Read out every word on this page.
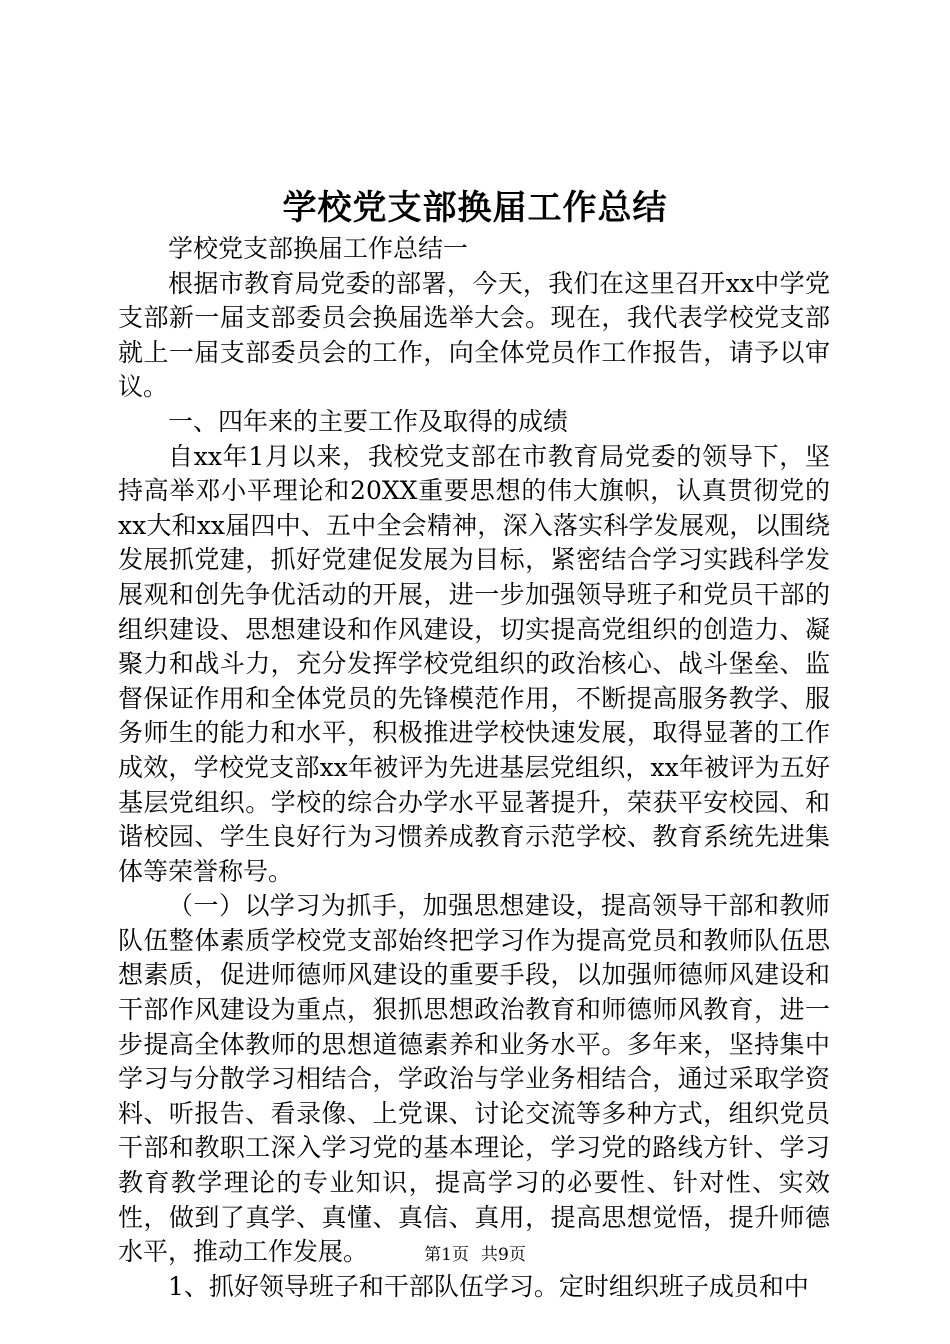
学校党支部换届工作总结

学校党支部换届工作总结一

根据市教育局党委的部署，今天，我们在这里召开xx中学党支部新一届支部委员会换届选举大会。现在，我代表学校党支部就上一届支部委员会的工作，向全体党员作工作报告，请予以审议。

一、四年来的主要工作及取得的成绩

自xx年1月以来，我校党支部在市教育局党委的领导下，坚持高举邓小平理论和20XX重要思想的伟大旗帜，认真贯彻党的xx大和xx届四中、五中全会精神，深入落实科学发展观，以围绕发展抓党建，抓好党建促发展为目标，紧密结合学习实践科学发展观和创先争优活动的开展，进一步加强领导班子和党员干部的组织建设、思想建设和作风建设，切实提高党组织的创造力、凝聚力和战斗力，充分发挥学校党组织的政治核心、战斗堡垒、监督保证作用和全体党员的先锋模范作用，不断提高服务教学、服务师生的能力和水平，积极推进学校快速发展，取得显著的工作成效，学校党支部xx年被评为先进基层党组织，xx年被评为五好基层党组织。学校的综合办学水平显著提升，荣获平安校园、和谐校园、学生良好行为习惯养成教育示范学校、教育系统先进集体等荣誉称号。

（一）以学习为抓手，加强思想建设，提高领导干部和教师队伍整体素质学校党支部始终把学习作为提高党员和教师队伍思想素质，促进师德师风建设的重要手段，以加强师德师风建设和干部作风建设为重点，狠抓思想政治教育和师德师风教育，进一步提高全体教师的思想道德素养和业务水平。多年来，坚持集中学习与分散学习相结合，学政治与学业务相结合，通过采取学资料、听报告、看录像、上党课、讨论交流等多种方式，组织党员干部和教职工深入学习党的基本理论，学习党的路线方针、学习教育教学理论的专业知识，提高学习的必要性、针对性、实效性，做到了真学、真懂、真信、真用，提高思想觉悟，提升师德水平，推动工作发展。

1、抓好领导班子和干部队伍学习。定时组织班子成员和中

第1页 共9页
